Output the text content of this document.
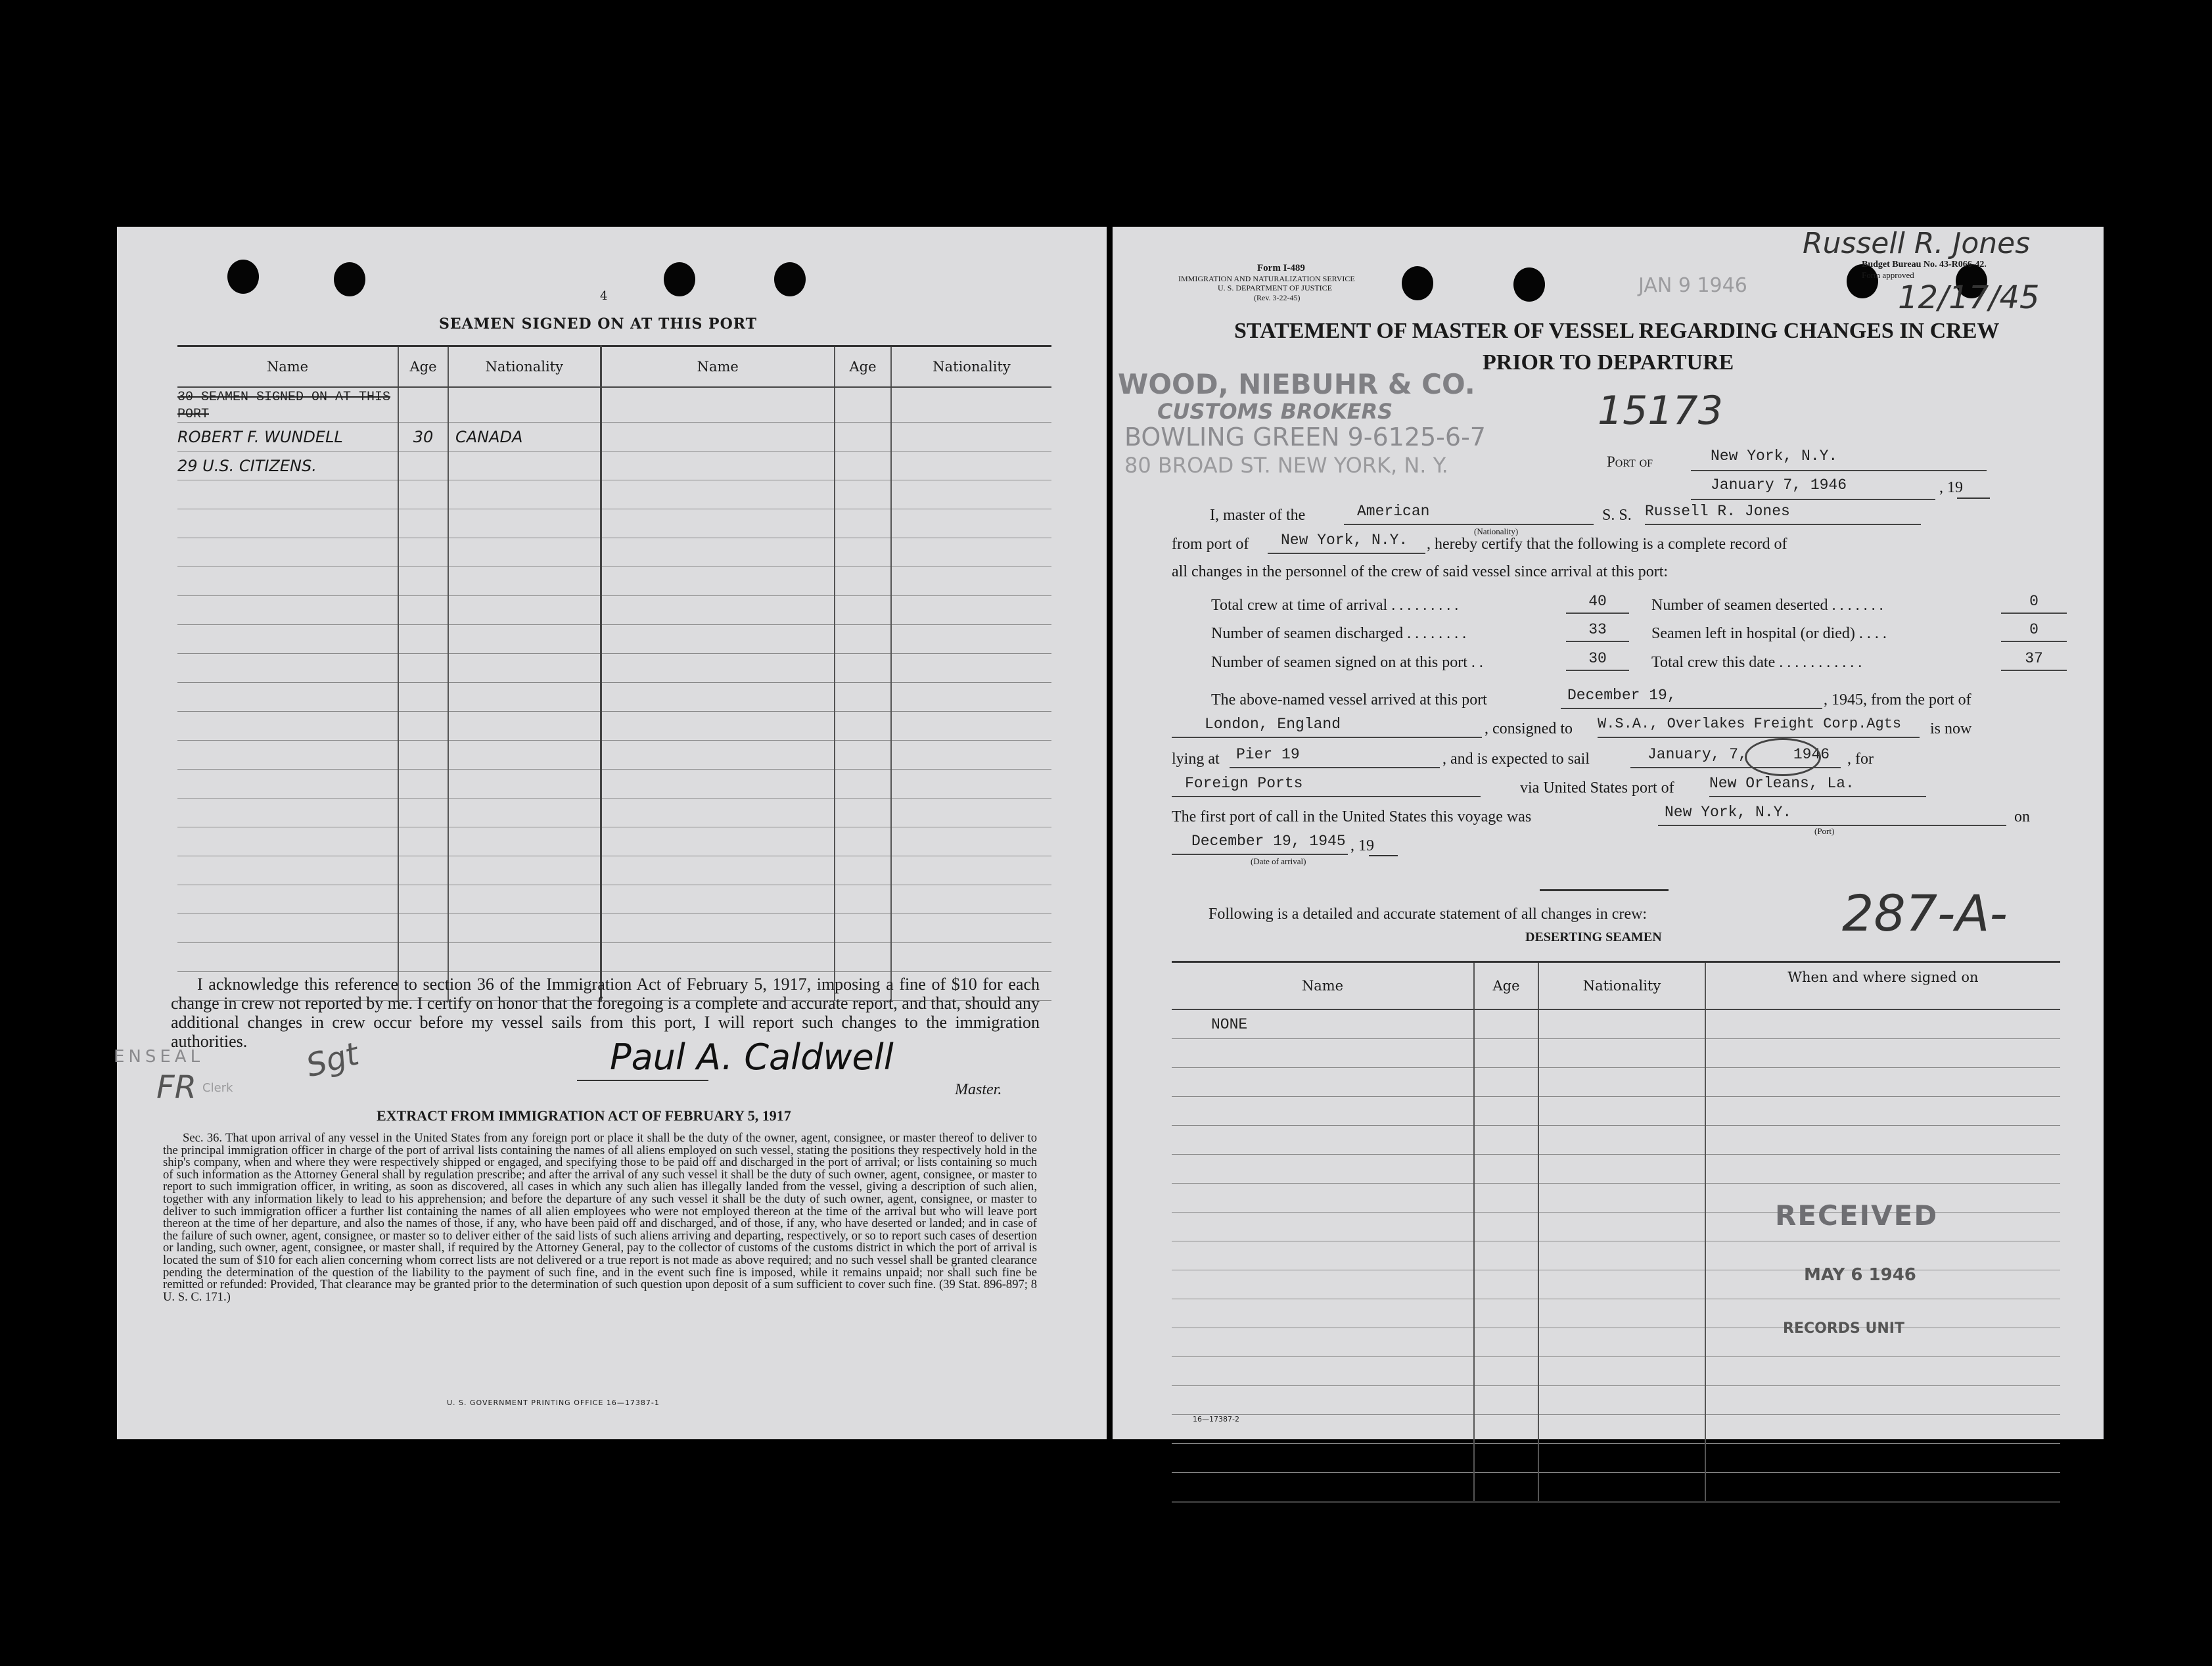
4
SEAMEN SIGNED ON AT THIS PORT
Name	Age	Nationality	Name	Age	Nationality
30 SEAMEN SIGNED ON AT THIS PORT					
ROBERT F. WUNDELL	30	CANADA			
29 U.S. CITIZENS.					

I acknowledge this reference to section 36 of the Immigration Act of February 5, 1917, imposing a fine of $10 for each change in crew not reported by me. I certify on honor that the foregoing is a complete and accurate report, and that, should any additional changes in crew occur before my vessel sails from this port, I will report such changes to the immigration authorities.
ENSEAL
FR Clerk
Sgt	Paul A. Caldwell
Master.
EXTRACT FROM IMMIGRATION ACT OF FEBRUARY 5, 1917
Sec. 36. That upon arrival of any vessel in the United States from any foreign port or place it shall be the duty of the owner, agent, consignee, or master thereof to deliver to the principal immigration officer in charge of the port of arrival lists containing the names of all aliens employed on such vessel, stating the positions they respectively hold in the ship's company, when and where they were respectively shipped or engaged, and specifying those to be paid off and discharged in the port of arrival; or lists containing so much of such information as the Attorney General shall by regulation prescribe; and after the arrival of any such vessel it shall be the duty of such owner, agent, consignee, or master to report to such immigration officer, in writing, as soon as discovered, all cases in which any such alien has illegally landed from the vessel, giving a description of such alien, together with any information likely to lead to his apprehension; and before the departure of any such vessel it shall be the duty of such owner, agent, consignee, or master to deliver to such immigration officer a further list containing the names of all alien employees who were not employed thereon at the time of the arrival but who will leave port thereon at the time of her departure, and also the names of those, if any, who have been paid off and discharged, and of those, if any, who have deserted or landed; and in case of the failure of such owner, agent, consignee, or master so to deliver either of the said lists of such aliens arriving and departing, respectively, or so to report such cases of desertion or landing, such owner, agent, consignee, or master shall, if required by the Attorney General, pay to the collector of customs of the customs district in which the port of arrival is located the sum of $10 for each alien concerning whom correct lists are not delivered or a true report is not made as above required; and no such vessel shall be granted clearance pending the determination of the question of the liability to the payment of such fine, and in the event such fine is imposed, while it remains unpaid; nor shall such fine be remitted or refunded: Provided, That clearance may be granted prior to the determination of such question upon deposit of a sum sufficient to cover such fine. (39 Stat. 896-897; 8 U. S. C. 171.)
U. S. GOVERNMENT PRINTING OFFICE 16—17387-1
Form I-489
IMMIGRATION AND NATURALIZATION SERVICE
U. S. DEPARTMENT OF JUSTICE
(Rev. 3-22-45)
JAN 9 1946
Russell R. Jones
Budget Bureau No. 43-R066-42.
Form approved
12/17/45
STATEMENT OF MASTER OF VESSEL REGARDING CHANGES IN CREW
PRIOR TO DEPARTURE
WOOD, NIEBUHR & CO.
CUSTOMS BROKERS
BOWLING GREEN 9-6125-6-7
80 BROAD ST. NEW YORK, N. Y.
15173
Port of	New York, N.Y.
January 7, 1946	, 19
I, master of the	American
(Nationality)
S. S. Russell R. Jones
from port of	New York, N.Y.	, hereby certify that the following is a complete record of
all changes in the personnel of the crew of said vessel since arrival at this port:
Total crew at time of arrival . . . . . . . . .	40
Number of seamen discharged . . . . . . . .	33
Number of seamen signed on at this port . .	30
Number of seamen deserted . . . . . . .	0
Seamen left in hospital (or died) . . . .	0
Total crew this date . . . . . . . . . . .	37
The above-named vessel arrived at this port	December 19,	, 1945, from the port of
London, England	, consigned to W.S.A., Overlakes Freight Corp.Agts	is now
lying at	Pier 19	, and is expected to sail	January, 7,	1946	, for
Foreign Ports	via United States port of New Orleans, La.
The first port of call in the United States this voyage was	New York, N.Y.
(Port)
on
December 19, 1945 , 19
(Date of arrival)
Following is a detailed and accurate statement of all changes in crew:	287-A-
DESERTING SEAMEN
Name	Age	Nationality	When and where signed on
NONE			

RECEIVED
MAY 6 1946
RECORDS UNIT
16—17387-2
